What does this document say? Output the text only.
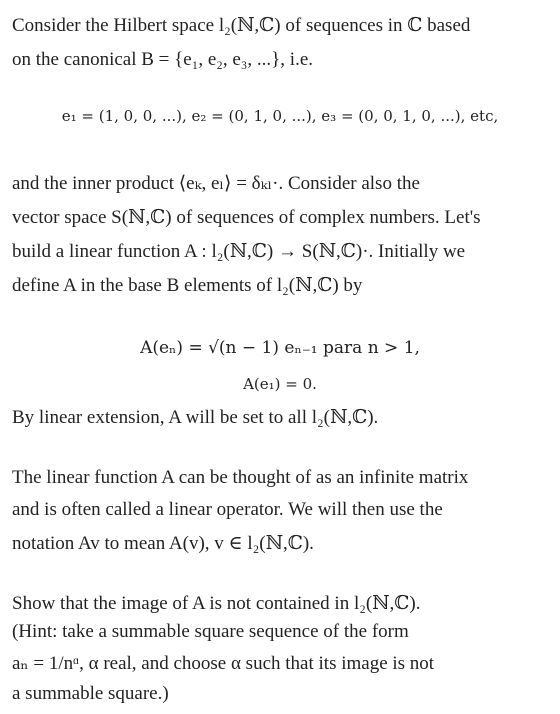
Consider the Hilbert space l₂(ℕ,ℂ) of sequences in ℂ based
on the canonical B = {e₁, e₂, e₃, ...}, i.e.
e₁ = (1, 0, 0, ...), e₂ = (0, 1, 0, ...), e₃ = (0, 0, 1, 0, ...), etc,
and the inner product ⟨eₖ, eₗ⟩ = δₖₗ·. Consider also the
vector space S(ℕ,ℂ) of sequences of complex numbers. Let's
build a linear function A : l₂(ℕ,ℂ) → S(ℕ,ℂ)·. Initially we
define A in the base B elements of l₂(ℕ,ℂ) by
A(eₙ) = √(n − 1) eₙ₋₁ para n > 1,
A(e₁) = 0.
By linear extension, A will be set to all l₂(ℕ,ℂ).
The linear function A can be thought of as an infinite matrix
and is often called a linear operator. We will then use the
notation Av to mean A(v), v ∈ l₂(ℕ,ℂ).
Show that the image of A is not contained in l₂(ℕ,ℂ).
(Hint: take a summable square sequence of the form
aₙ = 1/nᵅ, α real, and choose α such that its image is not
a summable square.)
